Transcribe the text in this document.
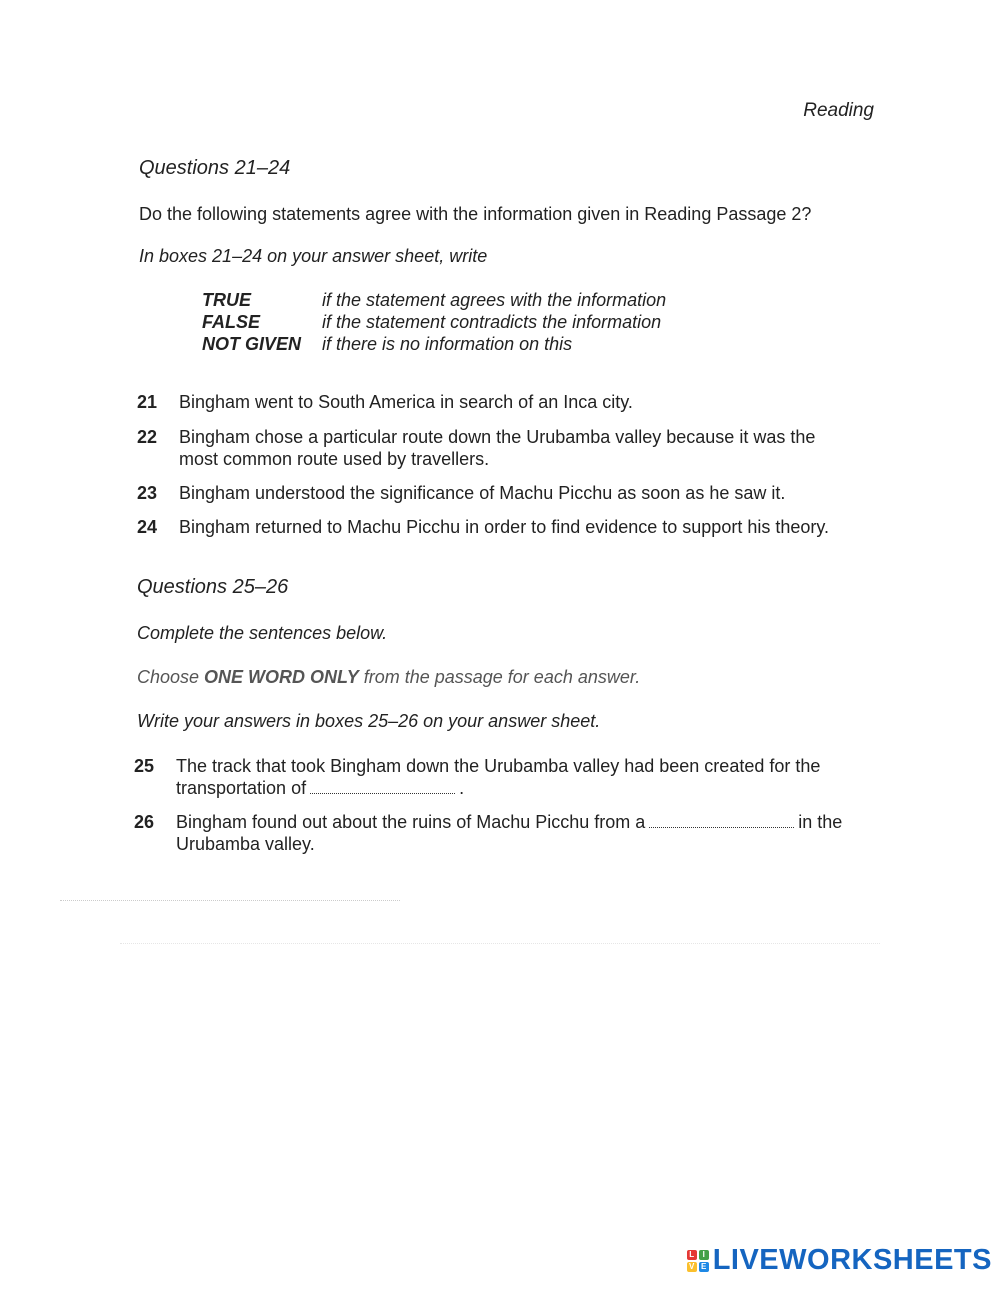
Reading
Questions 21–24
Do the following statements agree with the information given in Reading Passage 2?
In boxes 21–24 on your answer sheet, write
TRUE	if the statement agrees with the information
FALSE	if the statement contradicts the information
NOT GIVEN	if there is no information on this
21	Bingham went to South America in search of an Inca city.
22	Bingham chose a particular route down the Urubamba valley because it was the most common route used by travellers.
23	Bingham understood the significance of Machu Picchu as soon as he saw it.
24	Bingham returned to Machu Picchu in order to find evidence to support his theory.
Questions 25–26
Complete the sentences below.
Choose ONE WORD ONLY from the passage for each answer.
Write your answers in boxes 25–26 on your answer sheet.
25	The track that took Bingham down the Urubamba valley had been created for the transportation of	.
26	Bingham found out about the ruins of Machu Picchu from a	in the Urubamba valley.
L	I
V E LIVEWORKSHEETS
